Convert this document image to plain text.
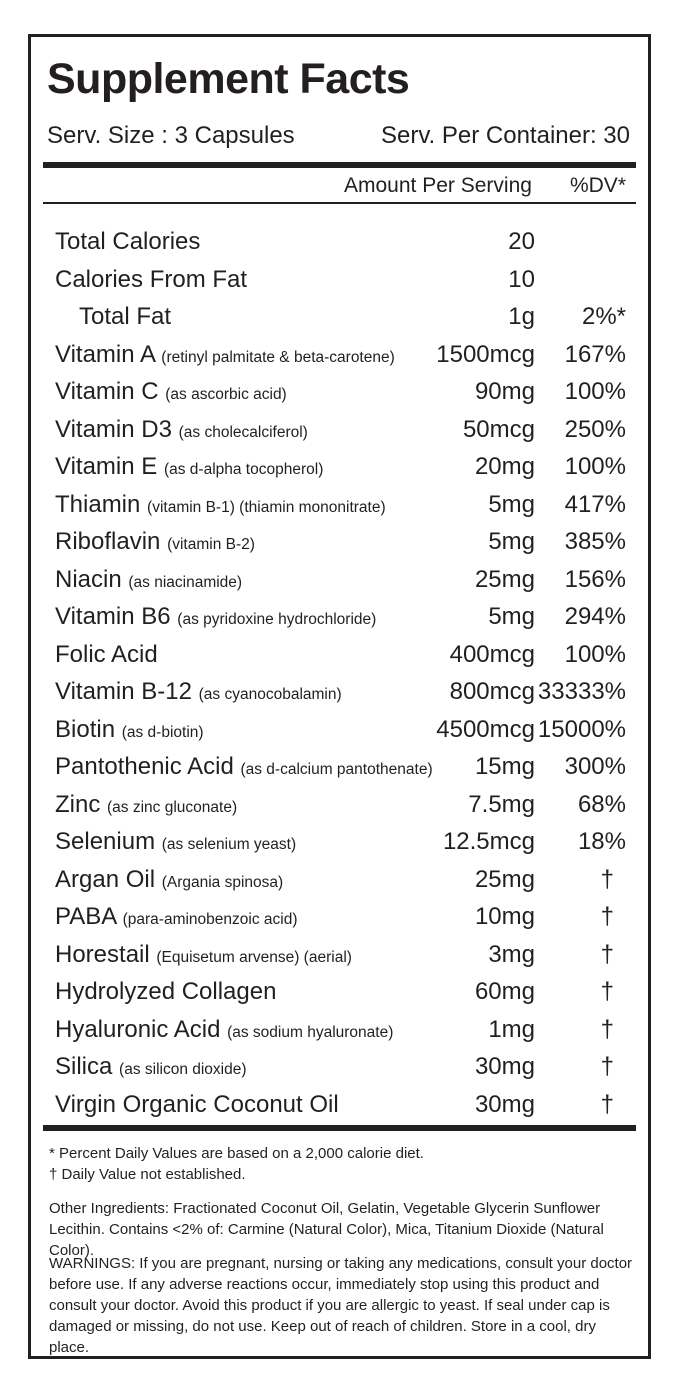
Supplement Facts
Serv. Size : 3 Capsules	Serv. Per Container: 30
Amount Per Serving %DV*
Total Calories	20
Calories From Fat	10
Total Fat	1g 2%*
Vitamin A (retinyl palmitate & beta-carotene) 1500mcg 167%
Vitamin C (as ascorbic acid)	90mg 100%
Vitamin D3 (as cholecalciferol)	50mcg 250%
Vitamin E (as d-alpha tocopherol)	20mg 100%
Thiamin (vitamin B-1) (thiamin mononitrate)	5mg 417%
Riboflavin (vitamin B-2)	5mg 385%
Niacin (as niacinamide)	25mg 156%
Vitamin B6 (as pyridoxine hydrochloride)	5mg 294%
Folic Acid	400mcg 100%
Vitamin B-12 (as cyanocobalamin)	800mcg 33333%
Biotin (as d-biotin)	4500mcg 15000%
Pantothenic Acid (as d-calcium pantothenate) 15mg 300%
Zinc (as zinc gluconate)	7.5mg 68%
Selenium (as selenium yeast)	12.5mcg 18%
Argan Oil (Argania spinosa)	25mg	†
PABA (para-aminobenzoic acid)	10mg	†
Horestail (Equisetum arvense) (aerial)	3mg	†
Hydrolyzed Collagen	60mg	†
Hyaluronic Acid (as sodium hyaluronate)	1mg	†
Silica (as silicon dioxide)	30mg	†
Virgin Organic Coconut Oil	30mg	†

* Percent Daily Values are based on a 2,000 calorie diet.

† Daily Value not established.

Other Ingredients: Fractionated Coconut Oil, Gelatin, Vegetable Glycerin Sunflower Lecithin. Contains <2% of: Carmine (Natural Color), Mica, Titanium Dioxide (Natural Color).

WARNINGS: If you are pregnant, nursing or taking any medications, consult your doctor before use. If any adverse reactions occur, immediately stop using this product and consult your doctor. Avoid this product if you are allergic to yeast. If seal under cap is damaged or missing, do not use. Keep out of reach of children. Store in a cool, dry place.
